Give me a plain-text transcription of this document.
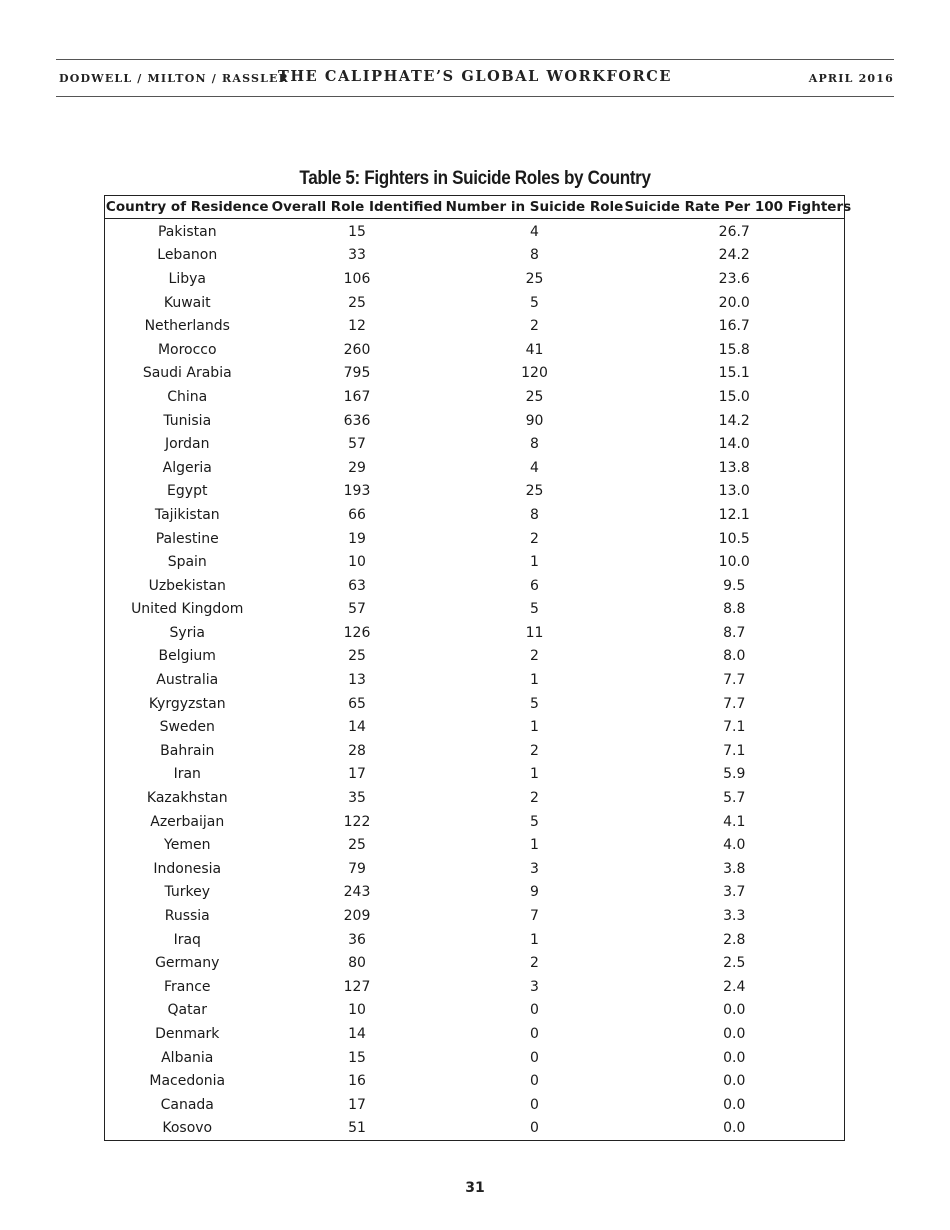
DODWELL / MILTON / RASSLER
THE CALIPHATE’S GLOBAL WORKFORCE	APRIL 2016
Table 5: Fighters in Suicide Roles by Country
Country of Residence	Overall Role Identified	Number in Suicide Role	Suicide Rate Per 100 Fighters
Pakistan	15	4	26.7
Lebanon	33	8	24.2
Libya	106	25	23.6
Kuwait	25	5	20.0
Netherlands	12	2	16.7
Morocco	260	41	15.8
Saudi Arabia	795	120	15.1
China	167	25	15.0
Tunisia	636	90	14.2
Jordan	57	8	14.0
Algeria	29	4	13.8
Egypt	193	25	13.0
Tajikistan	66	8	12.1
Palestine	19	2	10.5
Spain	10	1	10.0
Uzbekistan	63	6	9.5
United Kingdom	57	5	8.8
Syria	126	11	8.7
Belgium	25	2	8.0
Australia	13	1	7.7
Kyrgyzstan	65	5	7.7
Sweden	14	1	7.1
Bahrain	28	2	7.1
Iran	17	1	5.9
Kazakhstan	35	2	5.7
Azerbaijan	122	5	4.1
Yemen	25	1	4.0
Indonesia	79	3	3.8
Turkey	243	9	3.7
Russia	209	7	3.3
Iraq	36	1	2.8
Germany	80	2	2.5
France	127	3	2.4
Qatar	10	0	0.0
Denmark	14	0	0.0
Albania	15	0	0.0
Macedonia	16	0	0.0
Canada	17	0	0.0
Kosovo	51	0	0.0
31
